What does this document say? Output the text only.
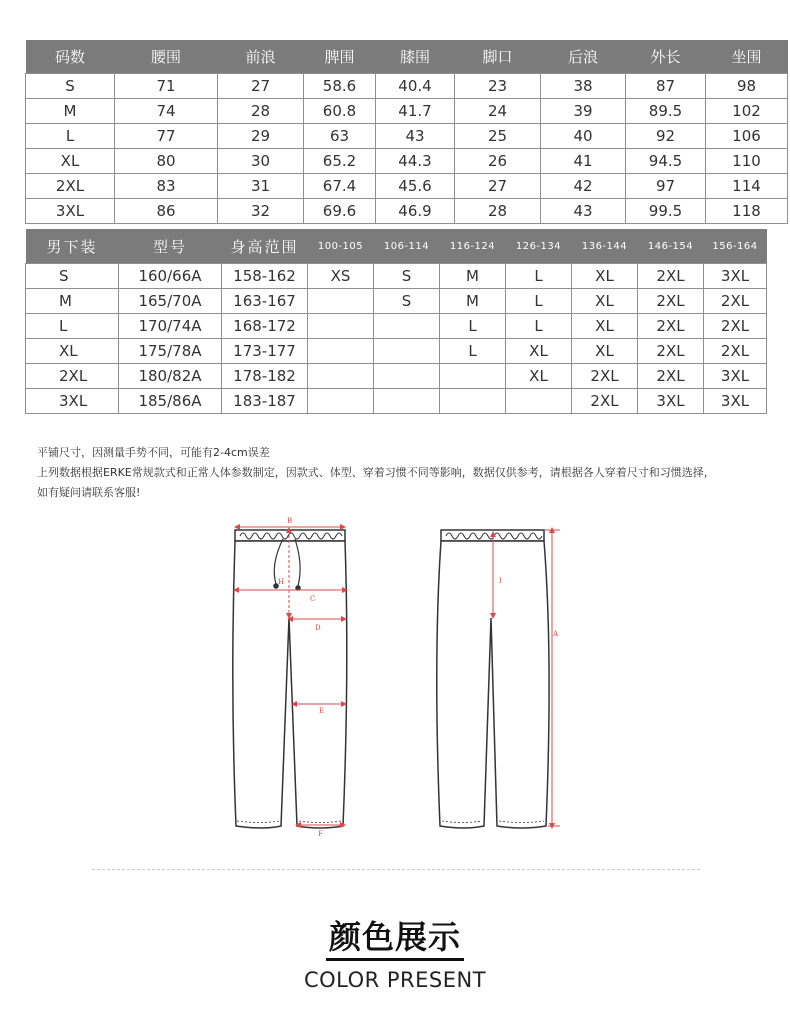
码数	腰围	前浪	脾围	膝围	脚口	后浪	外长	坐围
S	71	27	58.6	40.4	23	38	87	98
M	74	28	60.8	41.7	24	39	89.5	102
L	77	29	63	43	25	40	92	106
XL	80	30	65.2	44.3	26	41	94.5	110
2XL	83	31	67.4	45.6	27	42	97	114
3XL	86	32	69.6	46.9	28	43	99.5	118
男下装	型号	身高范围	100-105	106-114	116-124	126-134	136-144	146-154	156-164
S	160/66A	158-162	XS	S	M	L	XL	2XL	3XL
M	165/70A	163-167		S	M	L	XL	2XL	2XL
L	170/74A	168-172			L	L	XL	2XL	2XL
XL	175/78A	173-177			L	XL	XL	2XL	2XL
2XL	180/82A	178-182				XL	2XL	2XL	3XL
3XL	185/86A	183-187					2XL	3XL	3XL
平铺尺寸，因测量手势不同，可能有2-4cm误差
上列数据根据ERKE常规款式和正常人体参数制定，因款式、体型、穿着习惯不同等影响，数据仅供参考，请根据各人穿着尺寸和习惯选择，
如有疑问请联系客服!
B
H
C
D
E
F
I
A
颜色展示
COLOR PRESENT
